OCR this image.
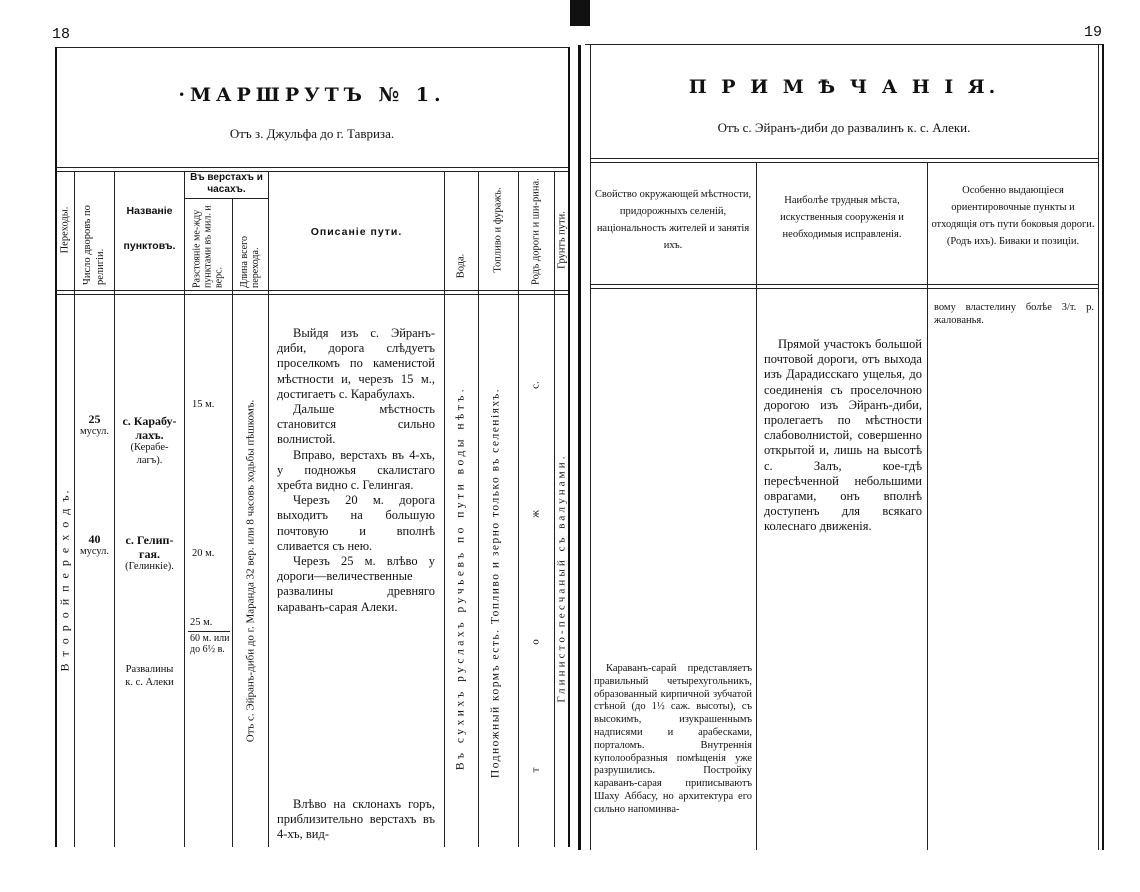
18
·МАРШРУТЪ № 1.
Отъ з. Джульфа до г. Тавриза.
Переходы. Число дворовъ по религіи.
Названіе
пунктовъ.
Въ верстахъ и часахъ.
Разстояніе ме-жду пунктами въ мил. и верс. Длина всего перехода.
Описаніе пути.
Вода. Топливо и фуражъ.	Родъ дороги и ши-рина. Грунтъ пути.
В т о р о й п е р е х о д ъ.
25
мусул.
с. Карабу-
лахъ.
(Керабе-лагъ).
40
мусул.
с. Гелип-
гая.
(Гелинкіе).
Развалины
к. с. Алеки
15 м.
20 м.
25 м.
60 м. или до 6½ в.	Отъ с. Эйранъ-диби до г. Маранда 32 вер. или 8 часовъ ходьбы пѣшкомъ.
Выйдя изъ с. Эйранъ-диби, дорога слѣдуетъ проселкомъ по каменистой мѣстности и, черезъ 15 м., достигаетъ с. Карабулахъ.
Дальше мѣстность становится сильно волнистой.
Вправо, верстахъ въ 4-хъ, у подножья скалистаго хребта видно с. Гелингая.
Черезъ 20 м. дорога выходитъ на большую почтовую и вполнѣ сливается съ нею.
Черезъ 25 м. влѣво у дороги—величественные развалины древняго караванъ-сарая Алеки.
Влѣво на склонахъ горъ, приблизительно верстахъ въ 4-хъ, вид-
Въ сухихъ руслахъ ручьевъ по пути воды нѣтъ. Подножный кормъ есть. Топливо и зерно только въ селеніяхъ.
с.
ж
о
т
Глинисто-песчаный съ валунами.
19
П Р И М Ѣ Ч А Н І Я.
Отъ с. Эйранъ-диби до развалинъ к. с. Алеки.
Свойство окружающей мѣстности, придорожныхъ селеній, національность жителей и занятія ихъ.
Наиболѣе трудныя мѣста, искуственныя сооруженія и необходимыя исправленія.
Особенно выдающіеся ориентировочные пункты и отходящія отъ пути боковыя дороги. (Родъ ихъ). Биваки и позиціи.
Караванъ-сарай представляетъ правильный четырехугольникъ, образованный кирпичной зубчатой стѣной (до 1½ саж. высоты), съ высокимъ, изукрашеннымъ надписями и арабесками, порталомъ. Внутреннія куполообразныя помѣщенія уже разрушились. Постройку караванъ-сарая приписываютъ Шаху Аббасу, но архитектура его сильно напоминва-
Прямой участокъ большой почтовой дороги, отъ выхода изъ Дарадисскаго ущелья, до соединенія съ проселочною дорогою изъ Эйранъ-диби, пролегаетъ по мѣстности слабоволнистой, совершенно открытой и, лишь на высотѣ с. Залъ, кое-гдѣ пересѣченной небольшими оврагами, онъ вполнѣ доступенъ для всякаго колеснаго движенія.
вому властелину болѣе 3/т. р. жалованья.
